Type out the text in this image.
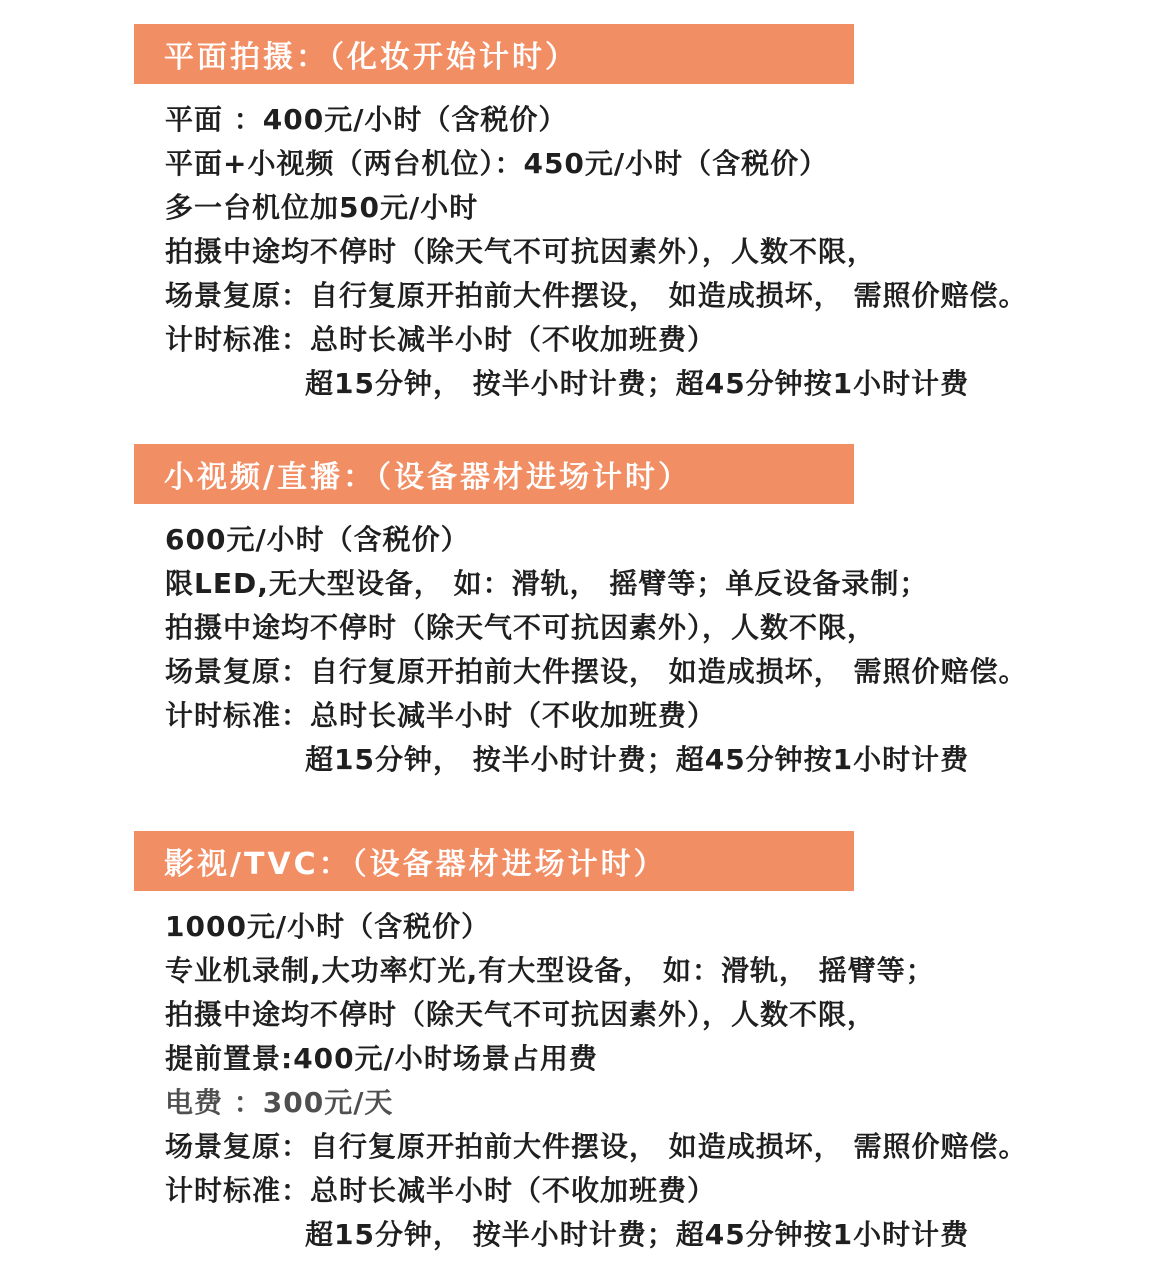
平面拍摄：（化妆开始计时）

平面 ：400元/小时（含税价）

平面+小视频（两台机位）：450元/小时（含税价）

多一台机位加50元/小时

拍摄中途均不停时（除天气不可抗因素外），人数不限，

场景复原：自行复原开拍前大件摆设， 如造成损坏， 需照价赔偿。

计时标准：总时长减半小时（不收加班费）

超15分钟， 按半小时计费；超45分钟按1小时计费

小视频/直播：（设备器材进场计时）

600元/小时（含税价）

限LED,无大型设备， 如：滑轨， 摇臂等；单反设备录制；

拍摄中途均不停时（除天气不可抗因素外），人数不限，

场景复原：自行复原开拍前大件摆设， 如造成损坏， 需照价赔偿。

计时标准：总时长减半小时（不收加班费）

超15分钟， 按半小时计费；超45分钟按1小时计费

影视/TVC：（设备器材进场计时）

1000元/小时（含税价）

专业机录制,大功率灯光,有大型设备， 如：滑轨， 摇臂等；

拍摄中途均不停时（除天气不可抗因素外），人数不限，

提前置景:400元/小时场景占用费

电费 ：300元/天

场景复原：自行复原开拍前大件摆设， 如造成损坏， 需照价赔偿。

计时标准：总时长减半小时（不收加班费）

超15分钟， 按半小时计费；超45分钟按1小时计费
